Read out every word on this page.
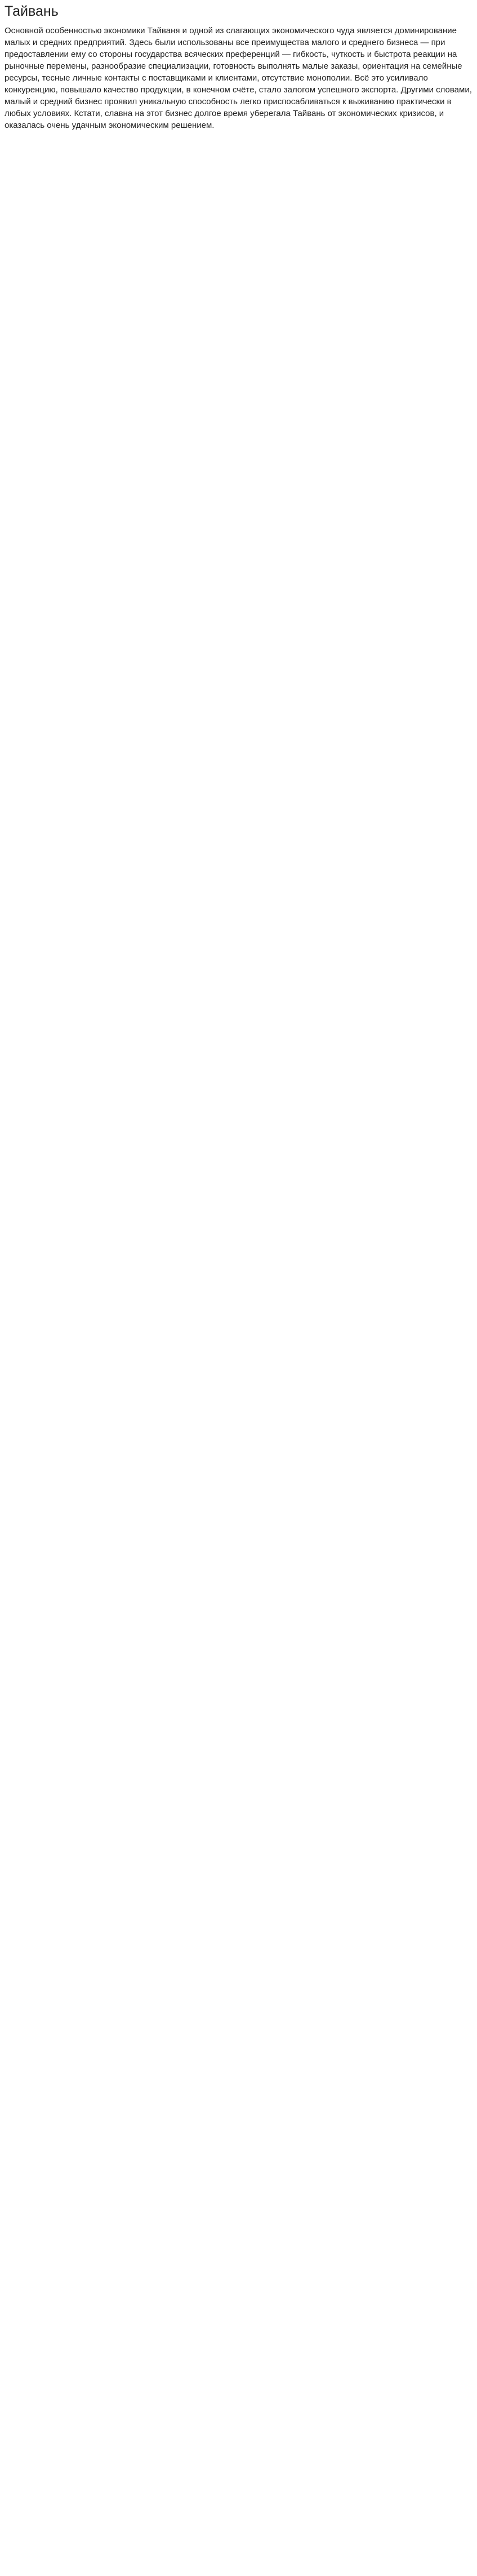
Тайвань

Основной особенностью экономики Тайваня и одной из слагающих экономического чуда является доминирование малых и средних предприятий. Здесь были использованы все преимущества малого и среднего бизнеса — при предоставлении ему со стороны государства всяческих преференций — гибкость, чуткость и быстрота реакции на рыночные перемены, разнообразие специализации, готовность выполнять малые заказы, ориентация на семейные ресурсы, тесные личные контакты с поставщиками и клиентами, отсутствие монополии. Всё это усиливало конкуренцию, повышало качество продукции, в конечном счёте, стало залогом успешного экспорта. Другими словами, малый и средний бизнес проявил уникальную способность легко приспосабливаться к выживанию практически в любых условиях. Кстати, славна на этот бизнес долгое время уберегала Тайвань от экономических кризисов, и оказалась очень удачным экономическим решением.
